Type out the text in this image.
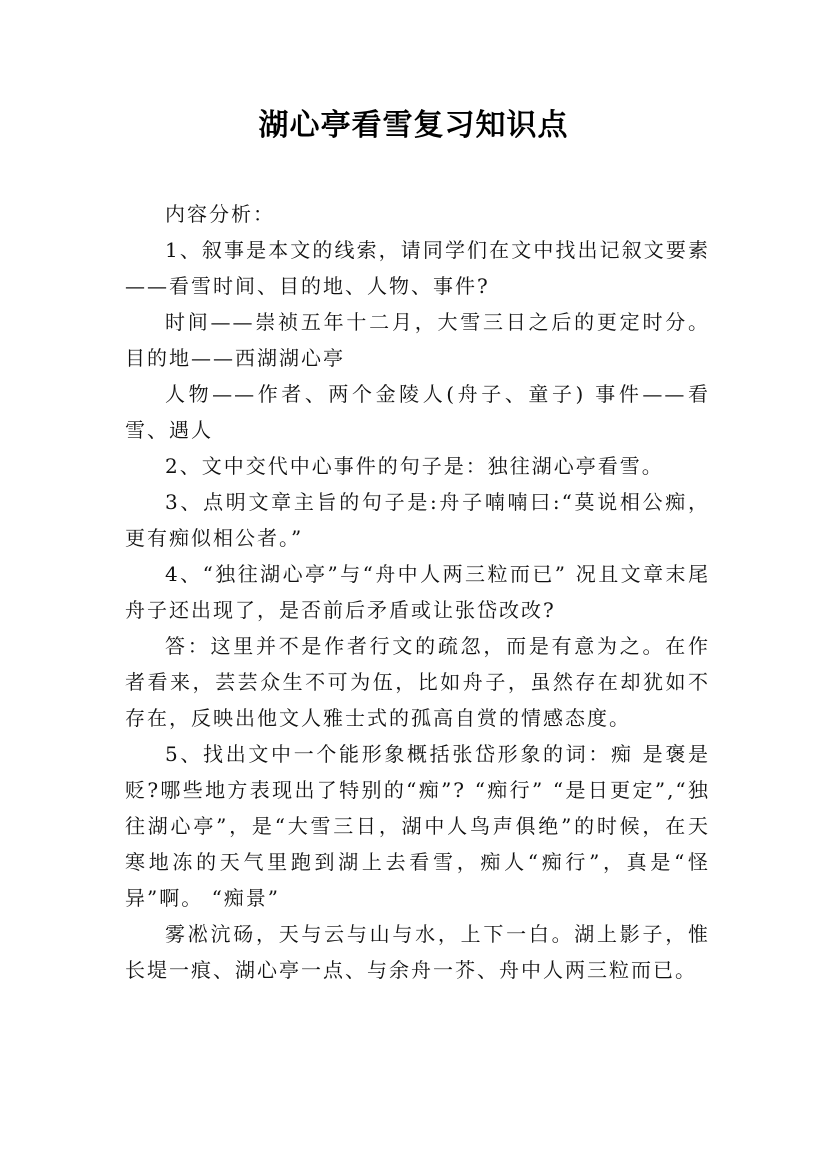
湖心亭看雪复习知识点

内容分析：

1、叙事是本文的线索，请同学们在文中找出记叙文要素——看雪时间、目的地、人物、事件?

时间——崇祯五年十二月，大雪三日之后的更定时分。目的地——西湖湖心亭

人物——作者、两个金陵人(舟子、童子) 事件——看雪、遇人

2、文中交代中心事件的句子是：独往湖心亭看雪。

3、点明文章主旨的句子是:舟子喃喃曰:“莫说相公痴，更有痴似相公者。”

4、“独往湖心亭”与“舟中人两三粒而已” 况且文章末尾舟子还出现了，是否前后矛盾或让张岱改改?

答：这里并不是作者行文的疏忽，而是有意为之。在作者看来，芸芸众生不可为伍，比如舟子，虽然存在却犹如不存在，反映出他文人雅士式的孤高自赏的情感态度。

5、找出文中一个能形象概括张岱形象的词：痴 是褒是贬?哪些地方表现出了特别的“痴”? “痴行” “是日更定”,“独往湖心亭”，是“大雪三日，湖中人鸟声俱绝”的时候，在天寒地冻的天气里跑到湖上去看雪，痴人“痴行”，真是“怪异”啊。 “痴景”

雾凇沆砀，天与云与山与水，上下一白。湖上影子，惟长堤一痕、湖心亭一点、与余舟一芥、舟中人两三粒而已。
